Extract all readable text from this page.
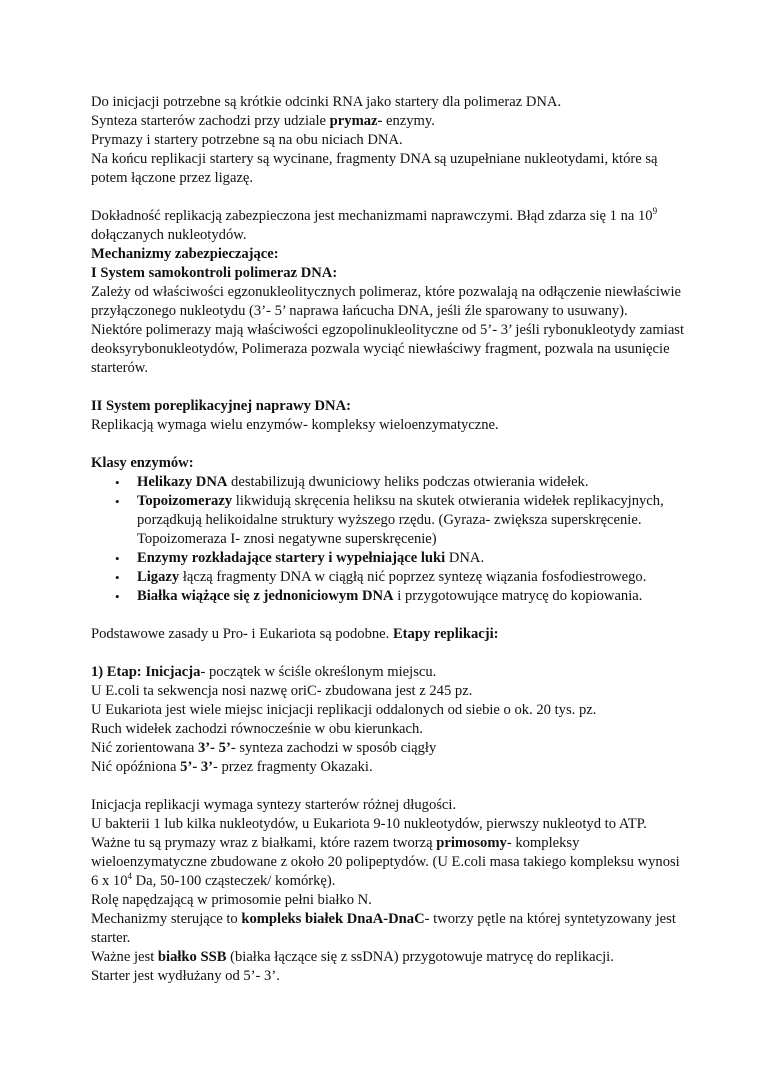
Do inicjacji potrzebne są krótkie odcinki RNA jako startery dla polimeraz DNA.

Synteza starterów zachodzi przy udziale prymaz- enzymy.

Prymazy i startery potrzebne są na obu niciach DNA.

Na końcu replikacji startery są wycinane, fragmenty DNA są uzupełniane nukleotydami, które są potem łączone przez ligazę.

Dokładność replikacją zabezpieczona jest mechanizmami naprawczymi. Błąd zdarza się 1 na $10^9$ dołączanych nukleotydów.

Mechanizmy zabezpieczające:

I System samokontroli polimeraz DNA:

Zależy od właściwości egzonukleolitycznych polimeraz, które pozwalają na odłączenie niewłaściwie przyłączonego nukleotydu (3’- 5’ naprawa łańcucha DNA, jeśli źle sparowany to usuwany).

Niektóre polimerazy mają właściwości egzopolinukleolityczne od 5’- 3’ jeśli rybonukleotydy zamiast deoksyrybonukleotydów, Polimeraza pozwala wyciąć niewłaściwy fragment, pozwala na usunięcie starterów.

II System poreplikacyjnej naprawy DNA:

Replikacją wymaga wielu enzymów- kompleksy wieloenzymatyczne.

Klasy enzymów:

• Helikazy DNA destabilizują dwuniciowy heliks podczas otwierania widełek.
• Topoizomerazy likwidują skręcenia heliksu na skutek otwierania widełek replikacyjnych, porządkują helikoidalne struktury wyższego rzędu. (Gyraza- zwiększa superskręcenie. Topoizomeraza I- znosi negatywne superskręcenie)
• Enzymy rozkładające startery i wypełniające luki DNA.
• Ligazy łączą fragmenty DNA w ciągłą nić poprzez syntezę wiązania fosfodiestrowego.
• Białka wiążące się z jednoniciowym DNA i przygotowujące matrycę do kopiowania.

Podstawowe zasady u Pro- i Eukariota są podobne. Etapy replikacji:

1) Etap: Inicjacja- początek w ściśle określonym miejscu.

U E.coli ta sekwencja nosi nazwę oriC- zbudowana jest z 245 pz.

U Eukariota jest wiele miejsc inicjacji replikacji oddalonych od siebie o ok. 20 tys. pz.

Ruch widełek zachodzi równocześnie w obu kierunkach.

Nić zorientowana 3’- 5’- synteza zachodzi w sposób ciągły

Nić opóźniona 5’- 3’- przez fragmenty Okazaki.

Inicjacja replikacji wymaga syntezy starterów różnej długości.

U bakterii 1 lub kilka nukleotydów, u Eukariota 9-10 nukleotydów, pierwszy nukleotyd to ATP.

Ważne tu są prymazy wraz z białkami, które razem tworzą primosomy- kompleksy wieloenzymatyczne zbudowane z około 20 polipeptydów. (U E.coli masa takiego kompleksu wynosi 6 x $10^4$ Da, 50-100 cząsteczek/ komórkę).

Rolę napędzającą w primosomie pełni białko N.

Mechanizmy sterujące to kompleks białek DnaA-DnaC- tworzy pętle na której syntetyzowany jest starter.

Ważne jest białko SSB (białka łączące się z ssDNA) przygotowuje matrycę do replikacji.

Starter jest wydłużany od 5’- 3’.
